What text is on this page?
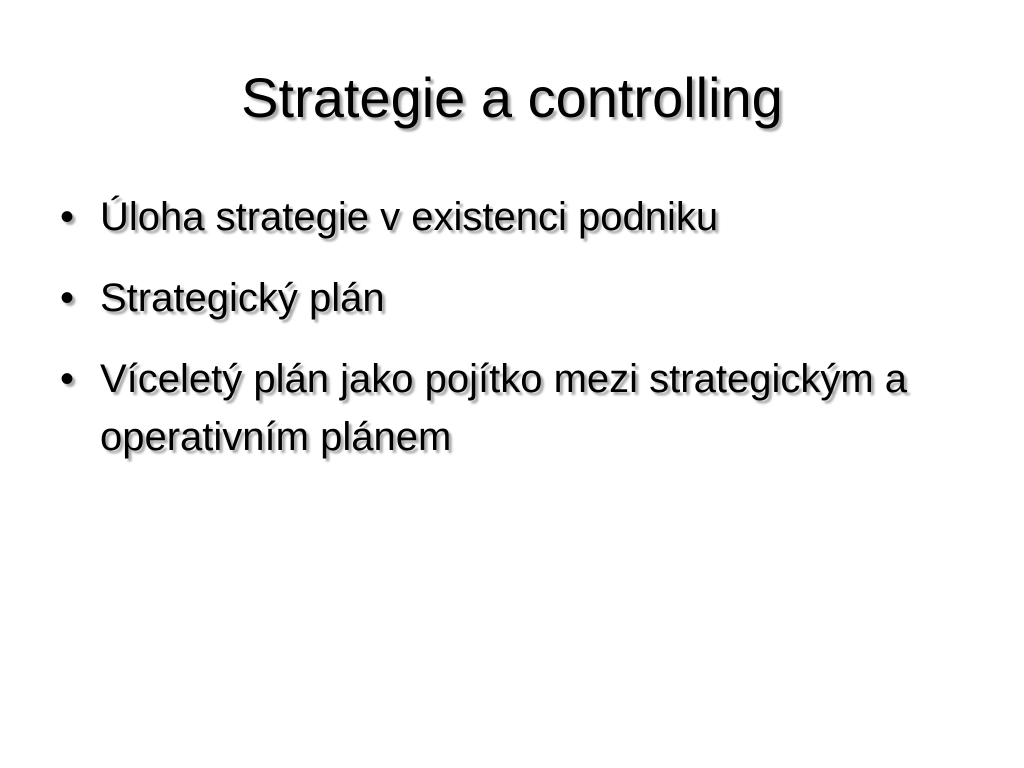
Strategie a controlling
• Úloha strategie v existenci podniku
• Strategický plán
• Víceletý plán jako pojítko mezi strategickým a operativním plánem
